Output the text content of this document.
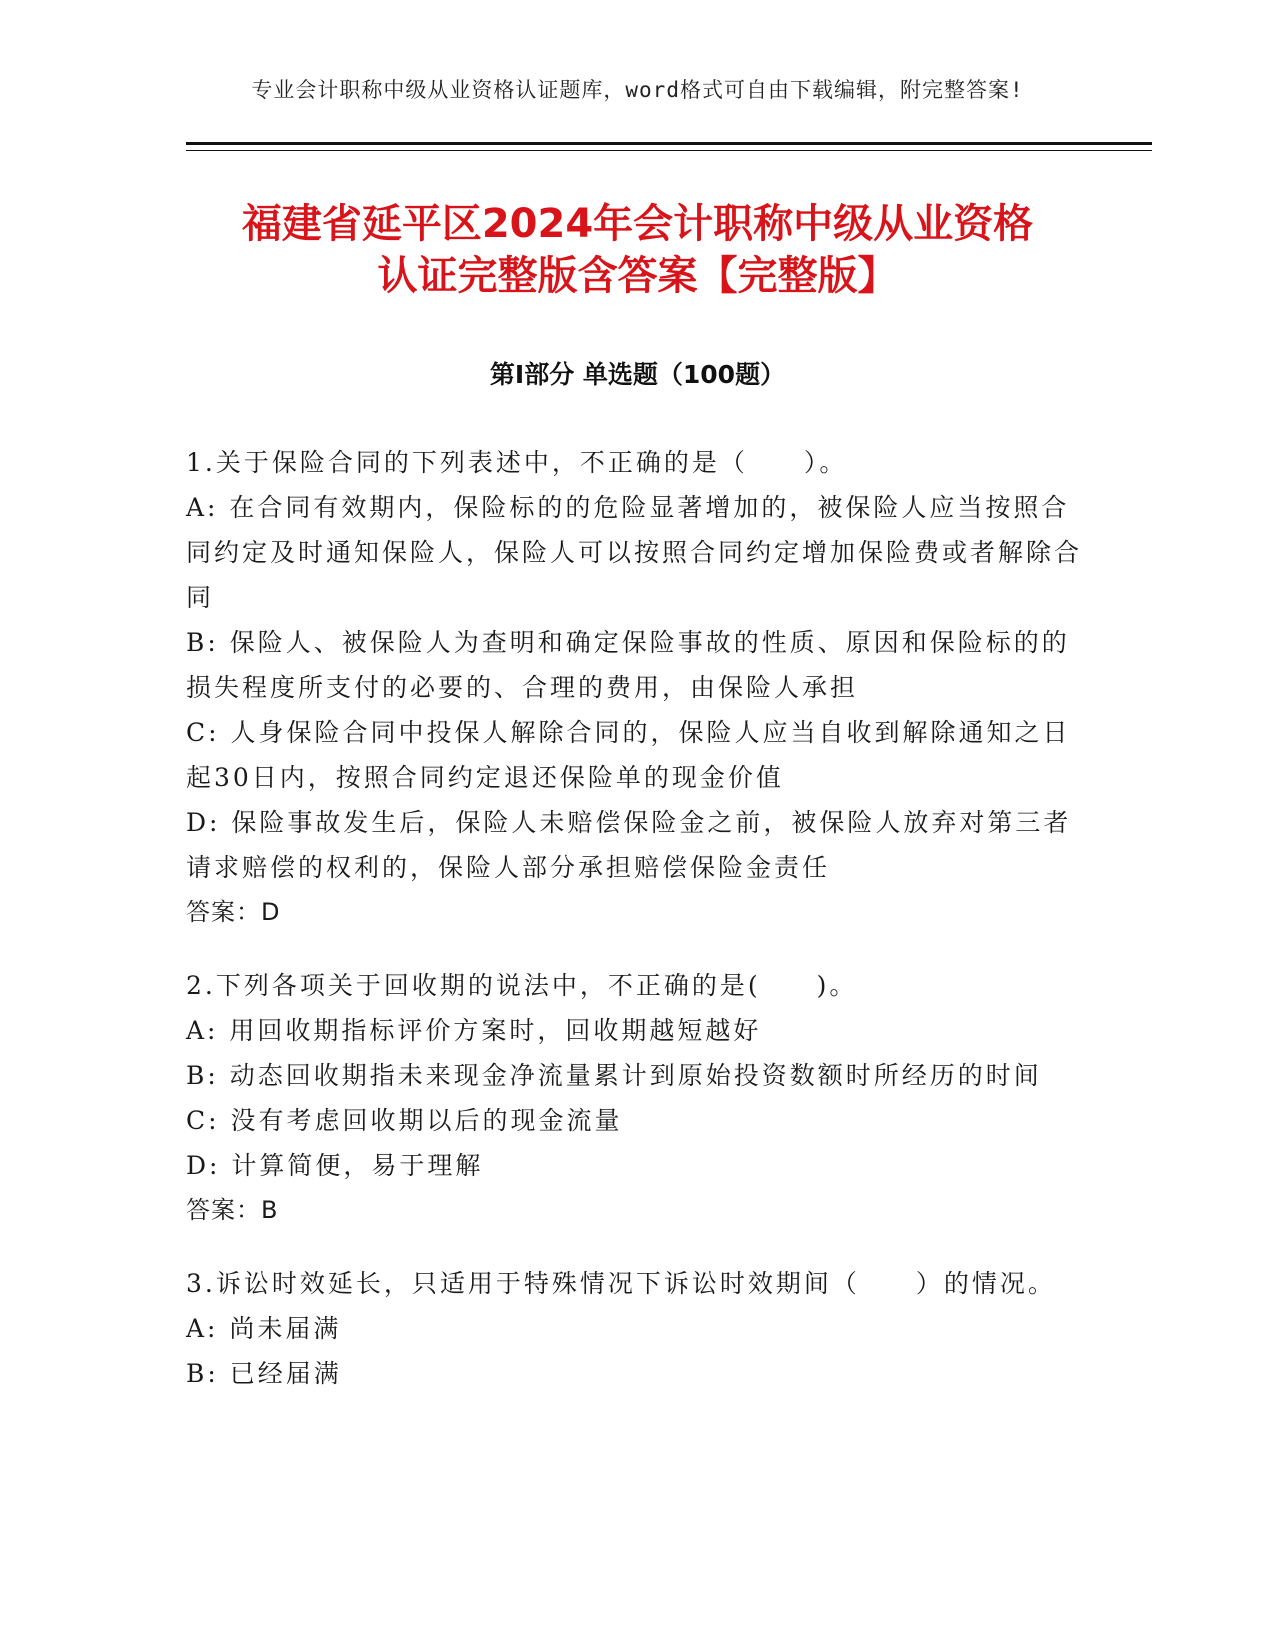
专业会计职称中级从业资格认证题库，word格式可自由下载编辑，附完整答案!
福建省延平区2024年会计职称中级从业资格
认证完整版含答案【完整版】
第Ⅰ部分 单选题（100题）

1.关于保险合同的下列表述中，不正确的是（　　）。

A: 在合同有效期内，保险标的的危险显著增加的，被保险人应当按照合同约定及时通知保险人，保险人可以按照合同约定增加保险费或者解除合同

B: 保险人、被保险人为查明和确定保险事故的性质、原因和保险标的的损失程度所支付的必要的、合理的费用，由保险人承担

C: 人身保险合同中投保人解除合同的，保险人应当自收到解除通知之日起30日内，按照合同约定退还保险单的现金价值

D: 保险事故发生后，保险人未赔偿保险金之前，被保险人放弃对第三者请求赔偿的权利的，保险人部分承担赔偿保险金责任

答案：D

2.下列各项关于回收期的说法中，不正确的是(　　)。

A: 用回收期指标评价方案时，回收期越短越好

B: 动态回收期指未来现金净流量累计到原始投资数额时所经历的时间

C: 没有考虑回收期以后的现金流量

D: 计算简便，易于理解

答案：B

3.诉讼时效延长，只适用于特殊情况下诉讼时效期间（　　）的情况。

A: 尚未届满

B: 已经届满
